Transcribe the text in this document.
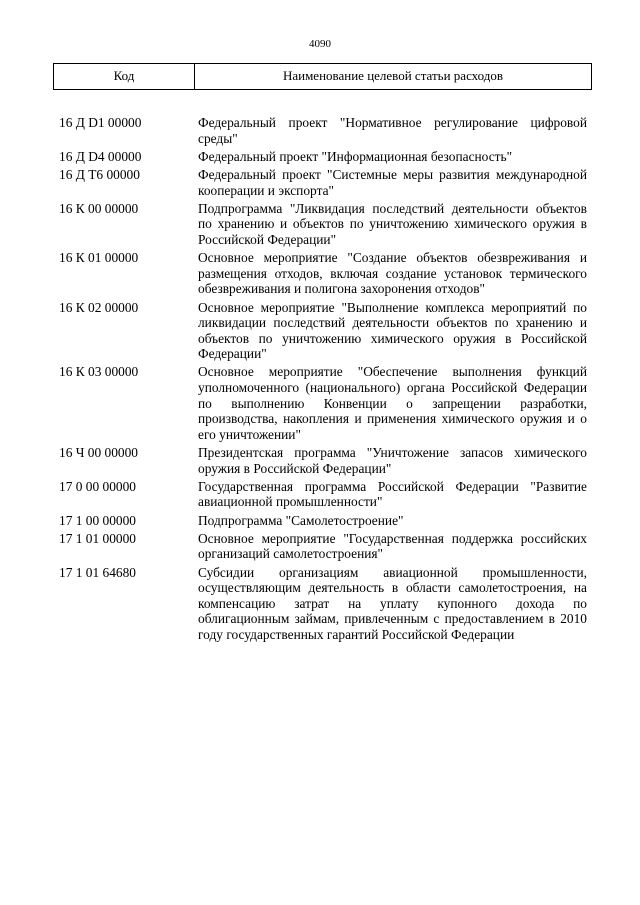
4090
Код	Наименование целевой статьи расходов
16 Д D1 00000	Федеральный проект "Нормативное регулирование цифровой среды"
16 Д D4 00000	Федеральный проект "Информационная безопасность"
16 Д T6 00000	Федеральный проект "Системные меры развития международной кооперации и экспорта"
16 К 00 00000	Подпрограмма "Ликвидация последствий деятельности объектов по хранению и объектов по уничтожению химического оружия в Российской Федерации"
16 К 01 00000	Основное мероприятие "Создание объектов обезвреживания и размещения отходов, включая создание установок термического обезвреживания и полигона захоронения отходов"
16 К 02 00000	Основное мероприятие "Выполнение комплекса мероприятий по ликвидации последствий деятельности объектов по хранению и объектов по уничтожению химического оружия в Российской Федерации"
16 К 03 00000	Основное мероприятие "Обеспечение выполнения функций уполномоченного (национального) органа Российской Федерации по выполнению Конвенции о запрещении разработки, производства, накопления и применения химического оружия и о его уничтожении"
16 Ч 00 00000	Президентская программа "Уничтожение запасов химического оружия в Российской Федерации"
17 0 00 00000	Государственная программа Российской Федерации "Развитие авиационной промышленности"
17 1 00 00000	Подпрограмма "Самолетостроение"
17 1 01 00000	Основное мероприятие "Государственная поддержка российских организаций самолетостроения"
17 1 01 64680	Субсидии организациям авиационной промышленности, осуществляющим деятельность в области самолетостроения, на компенсацию затрат на уплату купонного дохода по облигационным займам, привлеченным с предоставлением в 2010 году государственных гарантий Российской Федерации
